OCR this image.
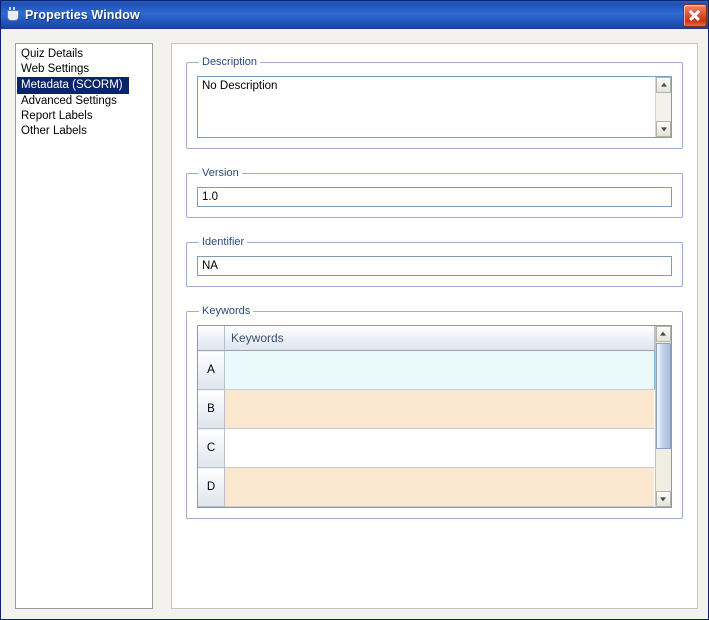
Properties Window
Quiz Details
Web Settings
Metadata (SCORM)
Advanced Settings
Report Labels
Other Labels
Description
No Description
Version
1.0
Identifier
NA
Keywords
	Keywords
A	
B	
C	
D	
